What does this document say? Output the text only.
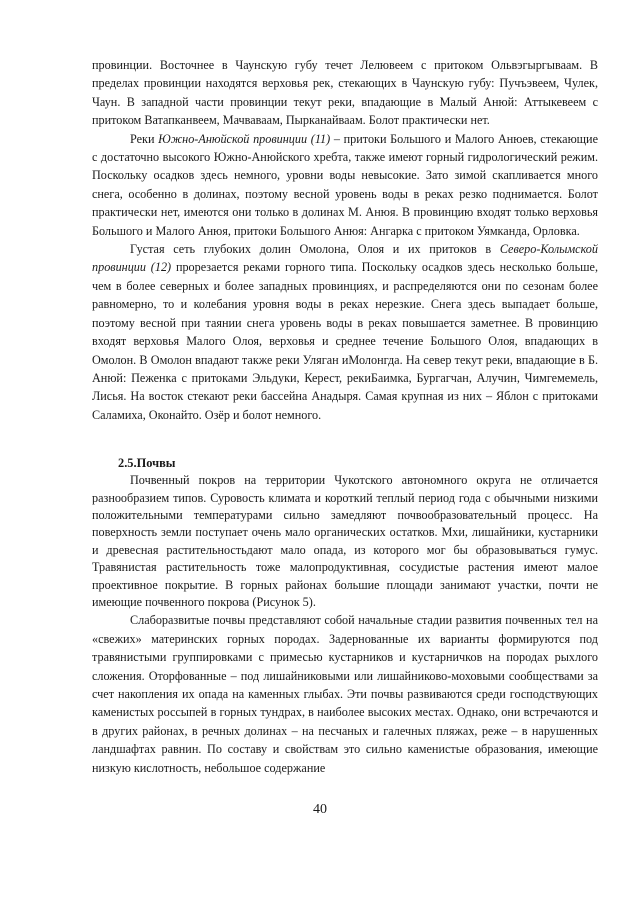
провинции. Восточнее в Чаунскую губу течет Лелювеем с притоком Ольвэгыргываам. В пределах провинции находятся верховья рек, стекающих в Чаунскую губу: Пучъэвеем, Чулек, Чаун. В западной части провинции текут реки, впадающие в Малый Анюй: Аттыкевеем с притоком Ватапканвеем, Мачваваам, Пырканайваам. Болот практически нет.

Реки Южно-Анюйской провинции (11) – притоки Большого и Малого Анюев, стекающие с достаточно высокого Южно-Анюйского хребта, также имеют горный гидрологический режим. Поскольку осадков здесь немного, уровни воды невысокие. Зато зимой скапливается много снега, особенно в долинах, поэтому весной уровень воды в реках резко поднимается. Болот практически нет, имеются они только в долинах М. Анюя. В провинцию входят только верховья Большого и Малого Анюя, притоки Большого Анюя: Ангарка с притоком Уямканда, Орловка.

Густая сеть глубоких долин Омолона, Олоя и их притоков в Северо-Колымской провинции (12) прорезается реками горного типа. Поскольку осадков здесь несколько больше, чем в более северных и более западных провинциях, и распределяются они по сезонам более равномерно, то и колебания уровня воды в реках нерезкие. Снега здесь выпадает больше, поэтому весной при таянии снега уровень воды в реках повышается заметнее. В провинцию входят верховья Малого Олоя, верховья и среднее течение Большого Олоя, впадающих в Омолон. В Омолон впадают также реки Уляган иМолонгда. На север текут реки, впадающие в Б. Анюй: Пеженка с притоками Эльдуки, Керест, рекиБаимка, Бургагчан, Алучин, Чимгемемель, Лисья. На восток стекают реки бассейна Анадыря. Самая крупная из них – Яблон с притоками Саламиха, Оконайто. Озёр и болот немного.

2.5.Почвы

Почвенный покров на территории Чукотского автономного округа не отличается разнообразием типов. Суровость климата и короткий теплый период года с обычными низкими положительными температурами сильно замедляют почвообразовательный процесс. На поверхность земли поступает очень мало органических остатков. Мхи, лишайники, кустарники и древесная растительностьдают мало опада, из которого мог бы образовываться гумус. Травянистая растительность тоже малопродуктивная, сосудистые растения имеют малое проективное покрытие. В горных районах большие площади занимают участки, почти не имеющие почвенного покрова (Рисунок 5).

Слаборазвитые почвы представляют собой начальные стадии развития почвенных тел на «свежих» материнских горных породах. Задернованные их варианты формируются под травянистыми группировками с примесью кустарников и кустарничков на породах рыхлого сложения. Оторфованные – под лишайниковыми или лишайниково-моховыми сообществами за счет накопления их опада на каменных глыбах. Эти почвы развиваются среди господствующих каменистых россыпей в горных тундрах, в наиболее высоких местах. Однако, они встречаются и в других районах, в речных долинах – на песчаных и галечных пляжах, реже – в нарушенных ландшафтах равнин. По составу и свойствам это сильно каменистые образования, имеющие низкую кислотность, небольшое содержание

40
